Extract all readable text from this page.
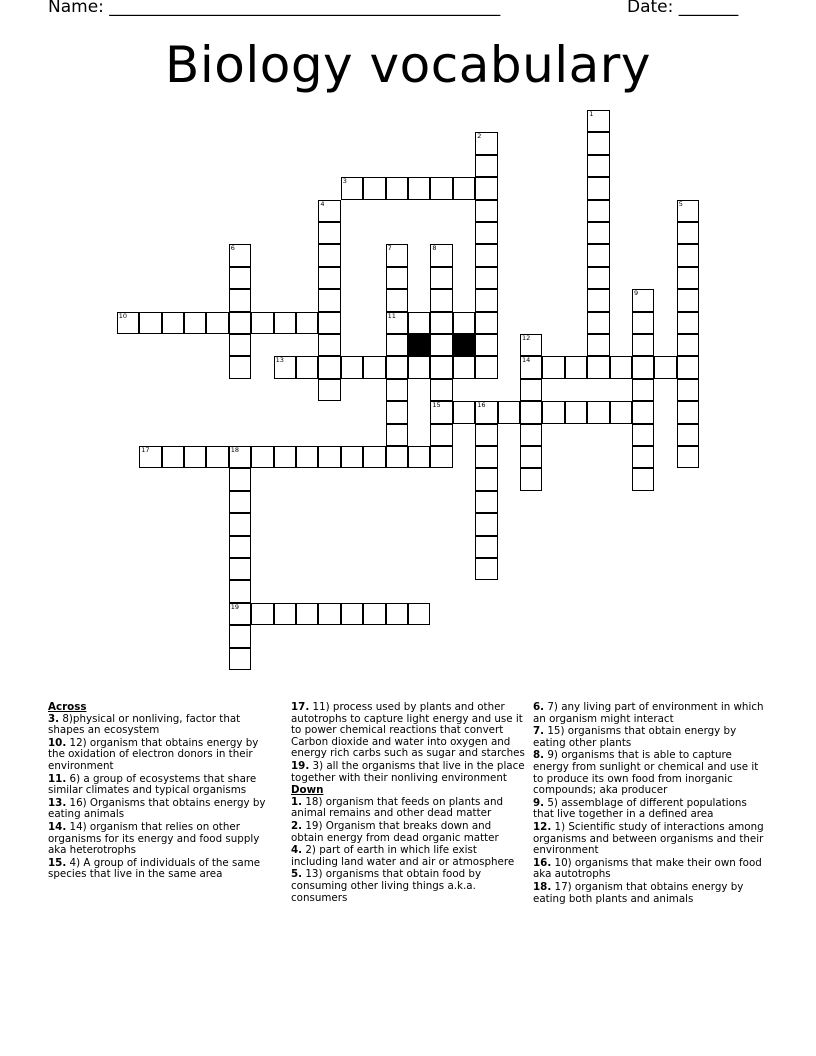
Name: ______________________________________________	Date: _______
Biology vocabulary
1
2
3
4	5
6	7
11
8
15
9
10
12
14
13
16
17	18
19
Across
3. 8)physical or nonliving, factor that shapes an ecosystem
10. 12) organism that obtains energy by the oxidation of electron donors in their environment
11. 6) a group of ecosystems that share similar climates and typical organisms
13. 16) Organisms that obtains energy by eating animals
14. 14) organism that relies on other organisms for its energy and food supply aka heterotrophs
15. 4) A group of individuals of the same species that live in the same area
17. 11) process used by plants and other autotrophs to capture light energy and use it to power chemical reactions that convert Carbon dioxide and water into oxygen and energy rich carbs such as sugar and starches
19. 3) all the organisms that live in the place together with their nonliving environment
Down
1. 18) organism that feeds on plants and animal remains and other dead matter
2. 19) Organism that breaks down and obtain energy from dead organic matter
4. 2) part of earth in which life exist including land water and air or atmosphere
5. 13) organisms that obtain food by consuming other living things a.k.a. consumers
6. 7) any living part of environment in which an organism might interact
7. 15) organisms that obtain energy by eating other plants
8. 9) organisms that is able to capture energy from sunlight or chemical and use it to produce its own food from inorganic compounds; aka producer
9. 5) assemblage of different populations that live together in a defined area
12. 1) Scientific study of interactions among organisms and between organisms and their environment
16. 10) organisms that make their own food aka autotrophs
18. 17) organism that obtains energy by eating both plants and animals
